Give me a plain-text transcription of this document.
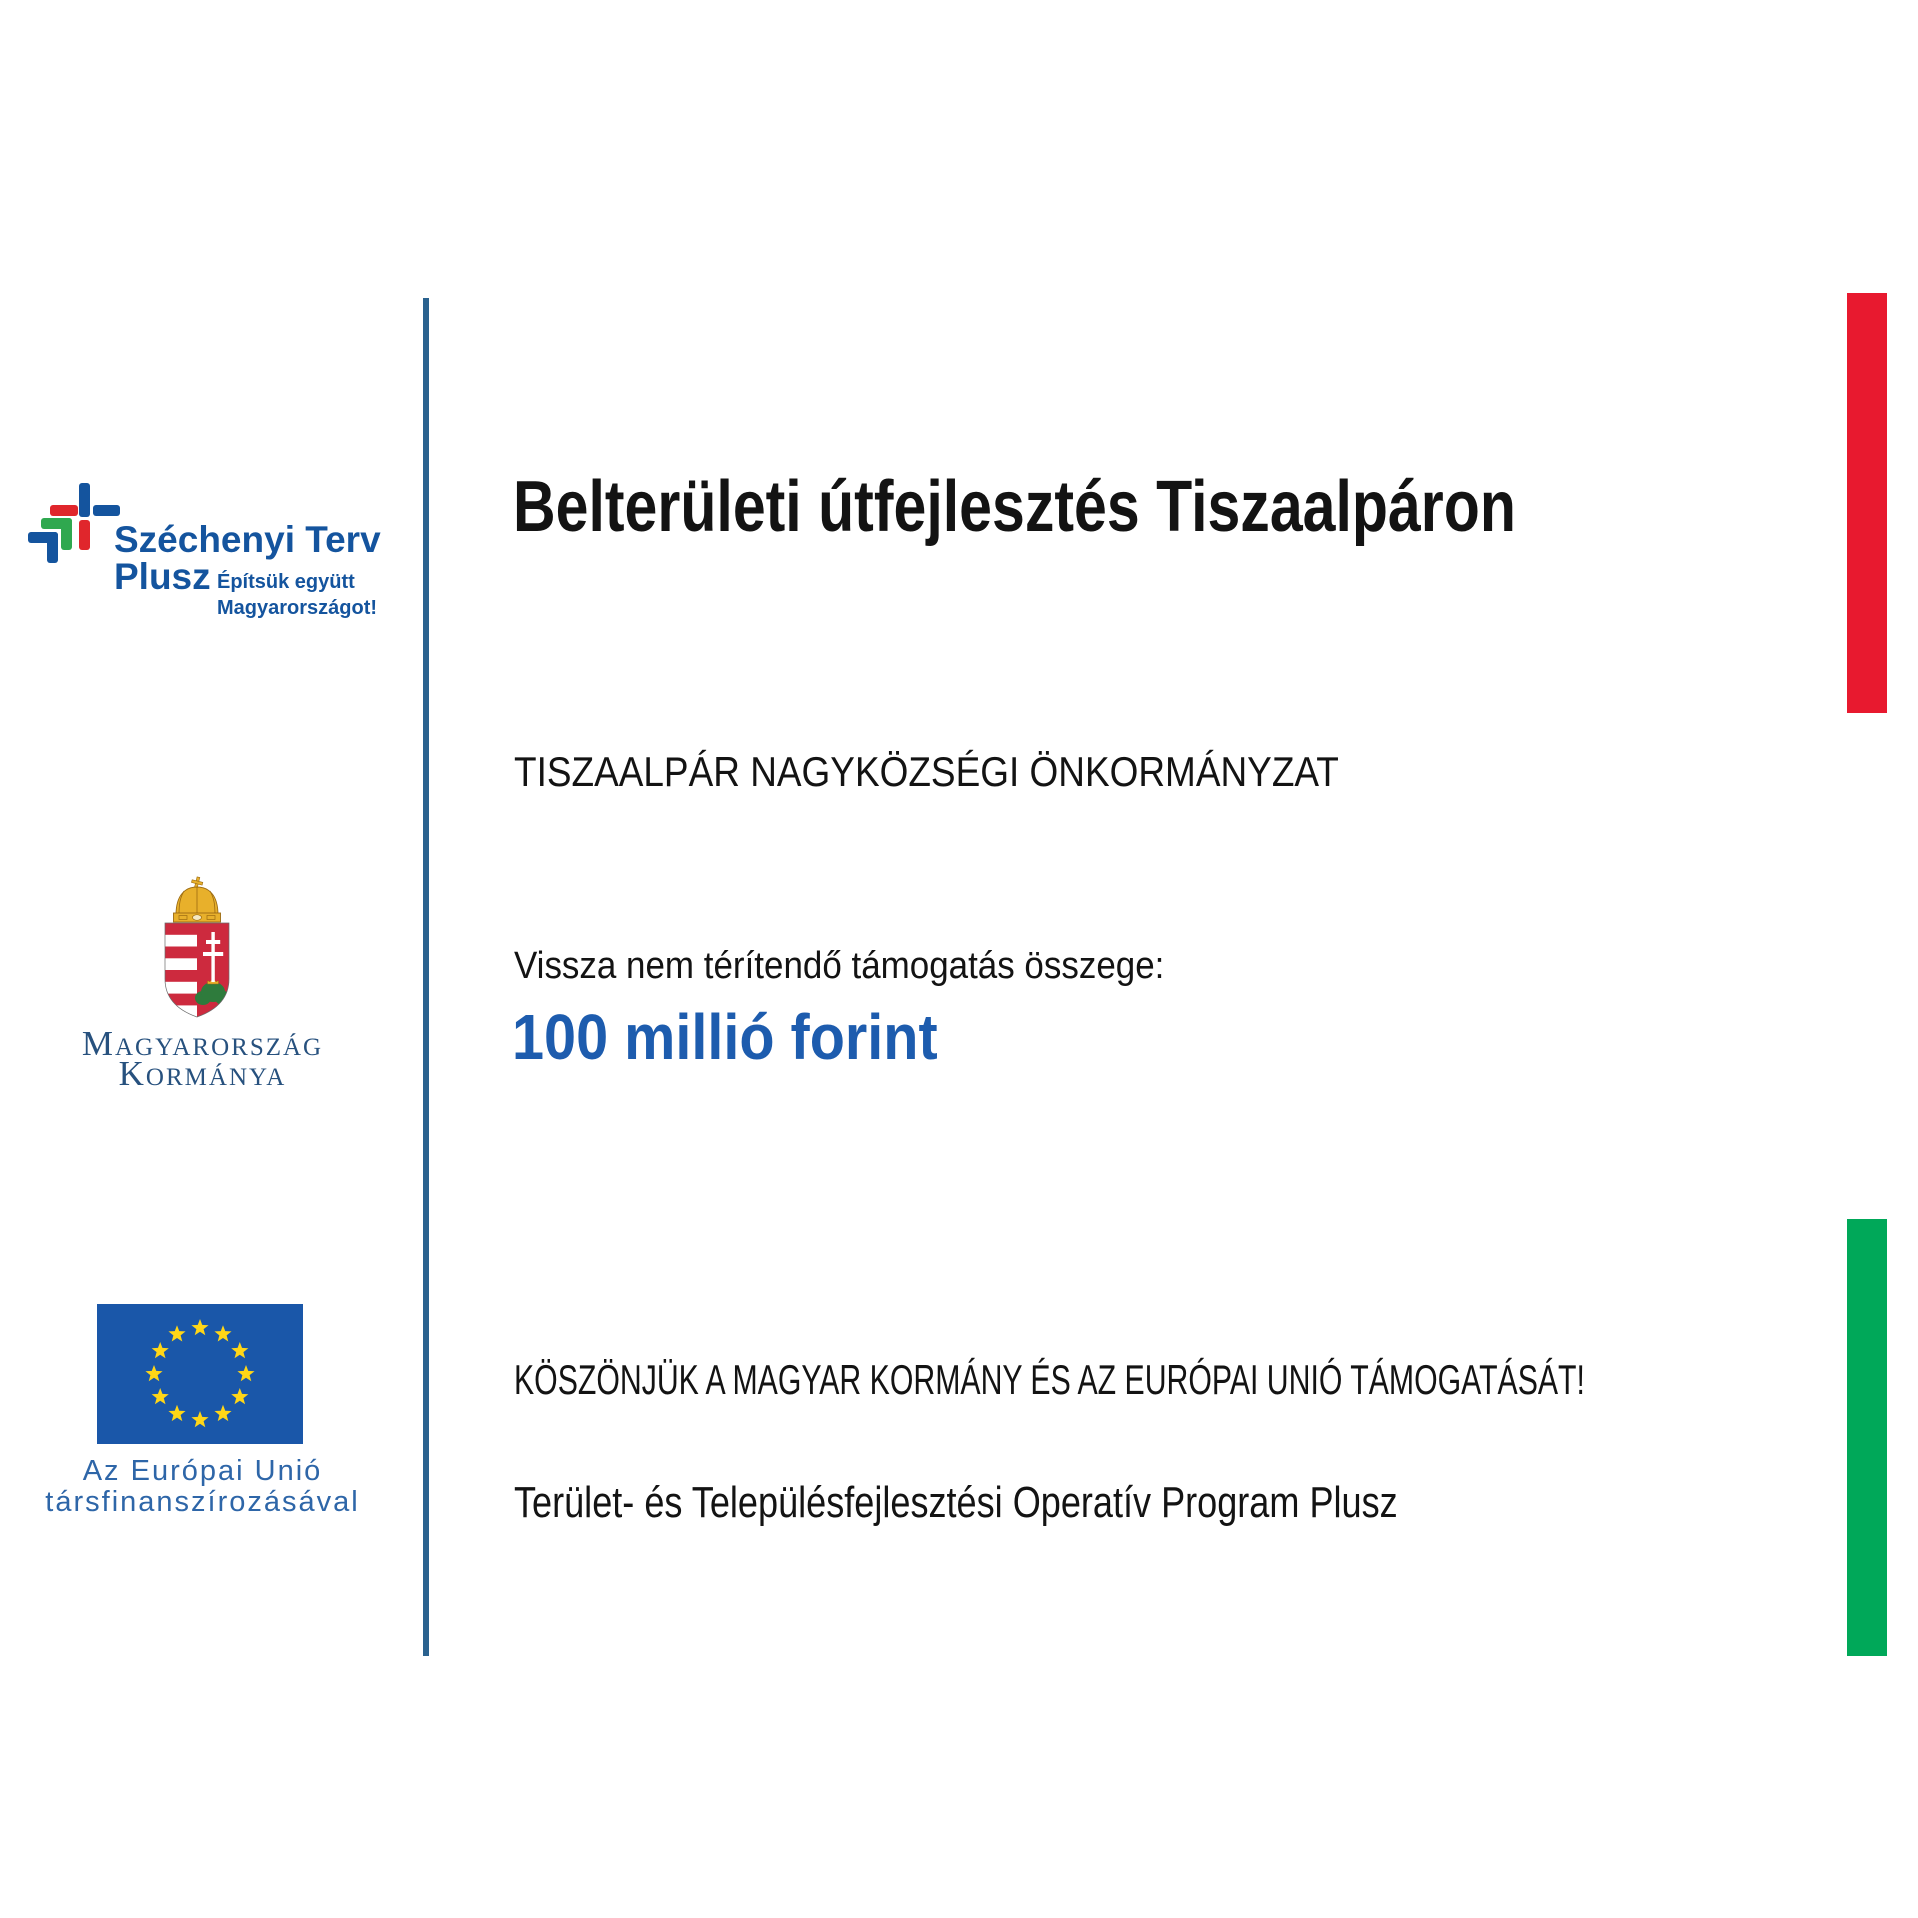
Széchenyi Terv
Plusz Építsük együtt
Magyarországot!
Magyarország
Kormánya
Az Európai Unió
társfinanszírozásával
Belterületi útfejlesztés Tiszaalpáron
TISZAALPÁR NAGYKÖZSÉGI ÖNKORMÁNYZAT
Vissza nem térítendő támogatás összege:
100 millió forint
KÖSZÖNJÜK A MAGYAR KORMÁNY ÉS AZ EURÓPAI UNIÓ TÁMOGATÁSÁT!
Terület- és Településfejlesztési Operatív Program Plusz
